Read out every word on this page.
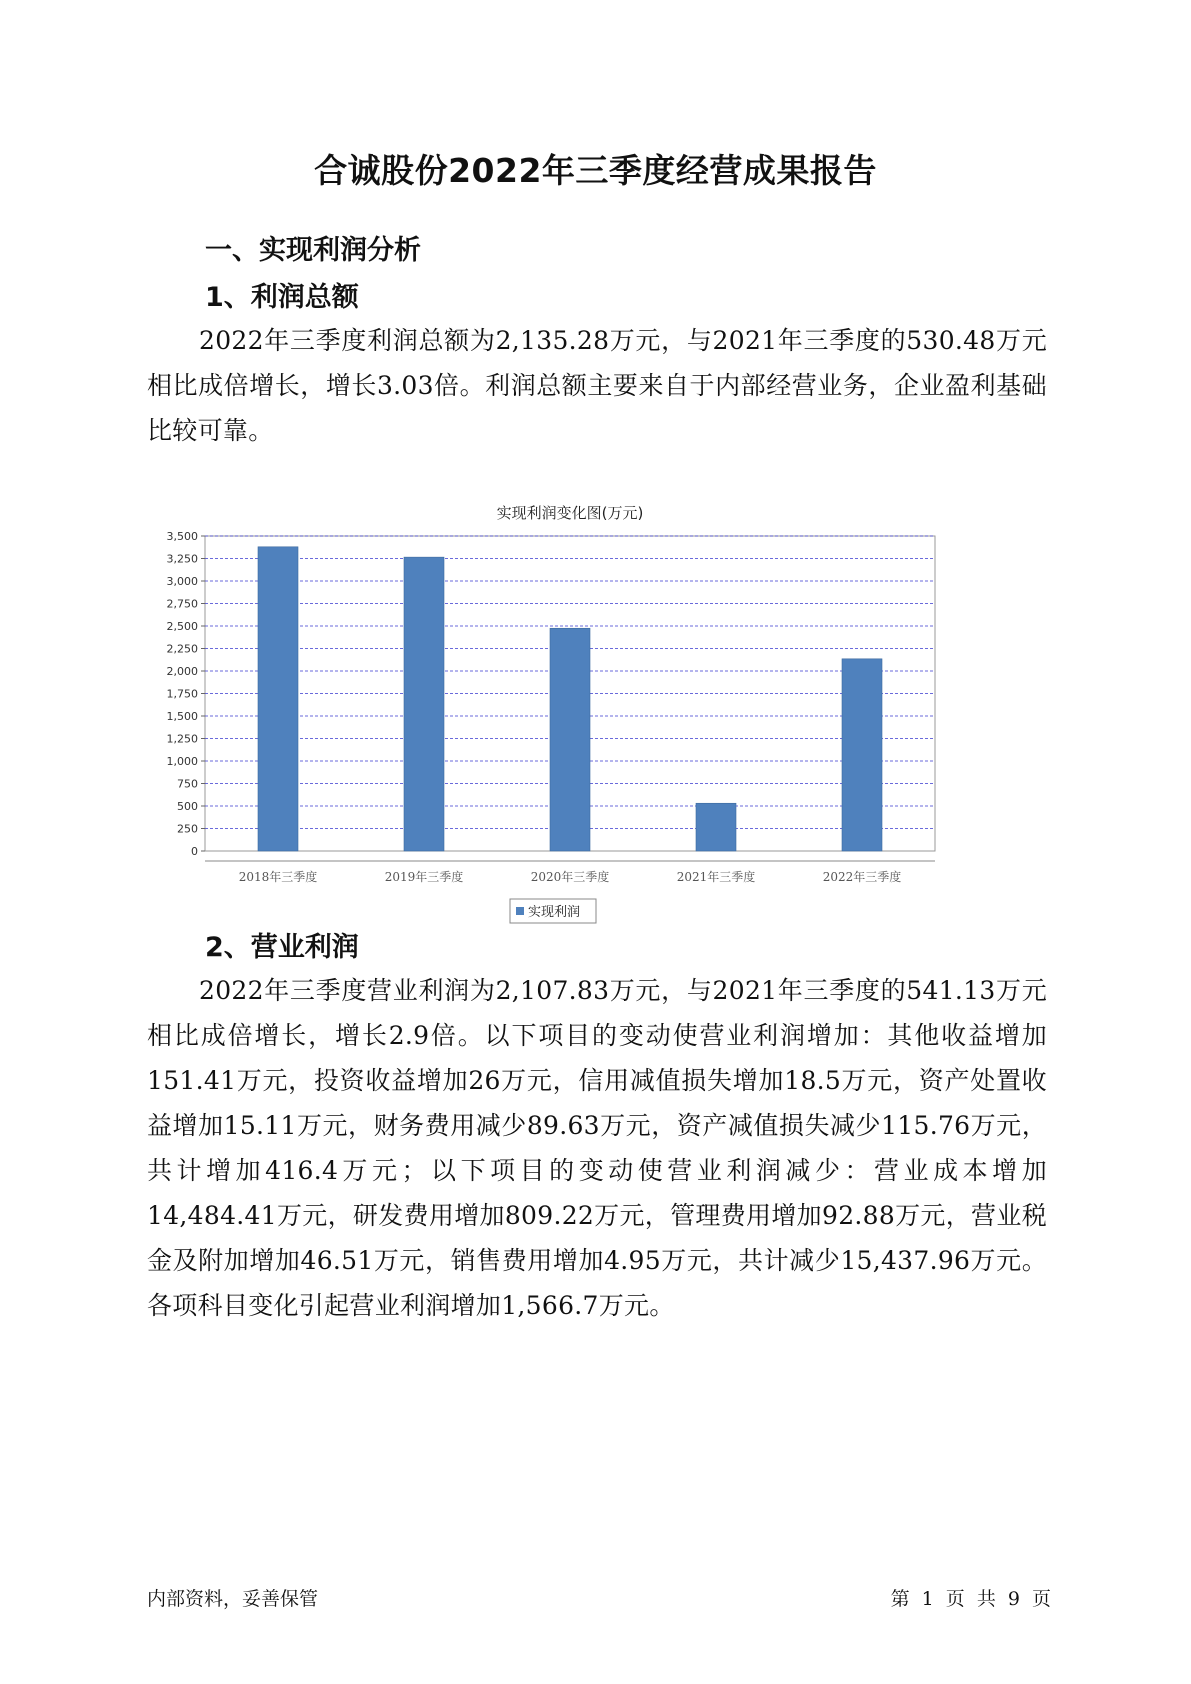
合诚股份2022年三季度经营成果报告
一、实现利润分析
1、利润总额
2022年三季度利润总额为2,135.28万元，与2021年三季度的530.48万元相比成倍增长，增长3.03倍。利润总额主要来自于内部经营业务，企业盈利基础比较可靠。
实现利润变化图(万元)
0
250
500
750
1,000
1,250
1,500
1,750
2,000
2,250
2,500
2,750
3,000
3,250
3,500
2018年三季度	2019年三季度	2020年三季度	2021年三季度	2022年三季度
实现利润
2、营业利润
2022年三季度营业利润为2,107.83万元，与2021年三季度的541.13万元相比成倍增长，增长2.9倍。以下项目的变动使营业利润增加：其他收益增加151.41万元，投资收益增加26万元，信用减值损失增加18.5万元，资产处置收益增加15.11万元，财务费用减少89.63万元，资产减值损失减少115.76万元，共计增加416.4万元；以下项目的变动使营业利润减少：营业成本增加14,484.41万元，研发费用增加809.22万元，管理费用增加92.88万元，营业税金及附加增加46.51万元，销售费用增加4.95万元，共计减少15,437.96万元。各项科目变化引起营业利润增加1,566.7万元。
内部资料，妥善保管	第 1 页 共 9 页
